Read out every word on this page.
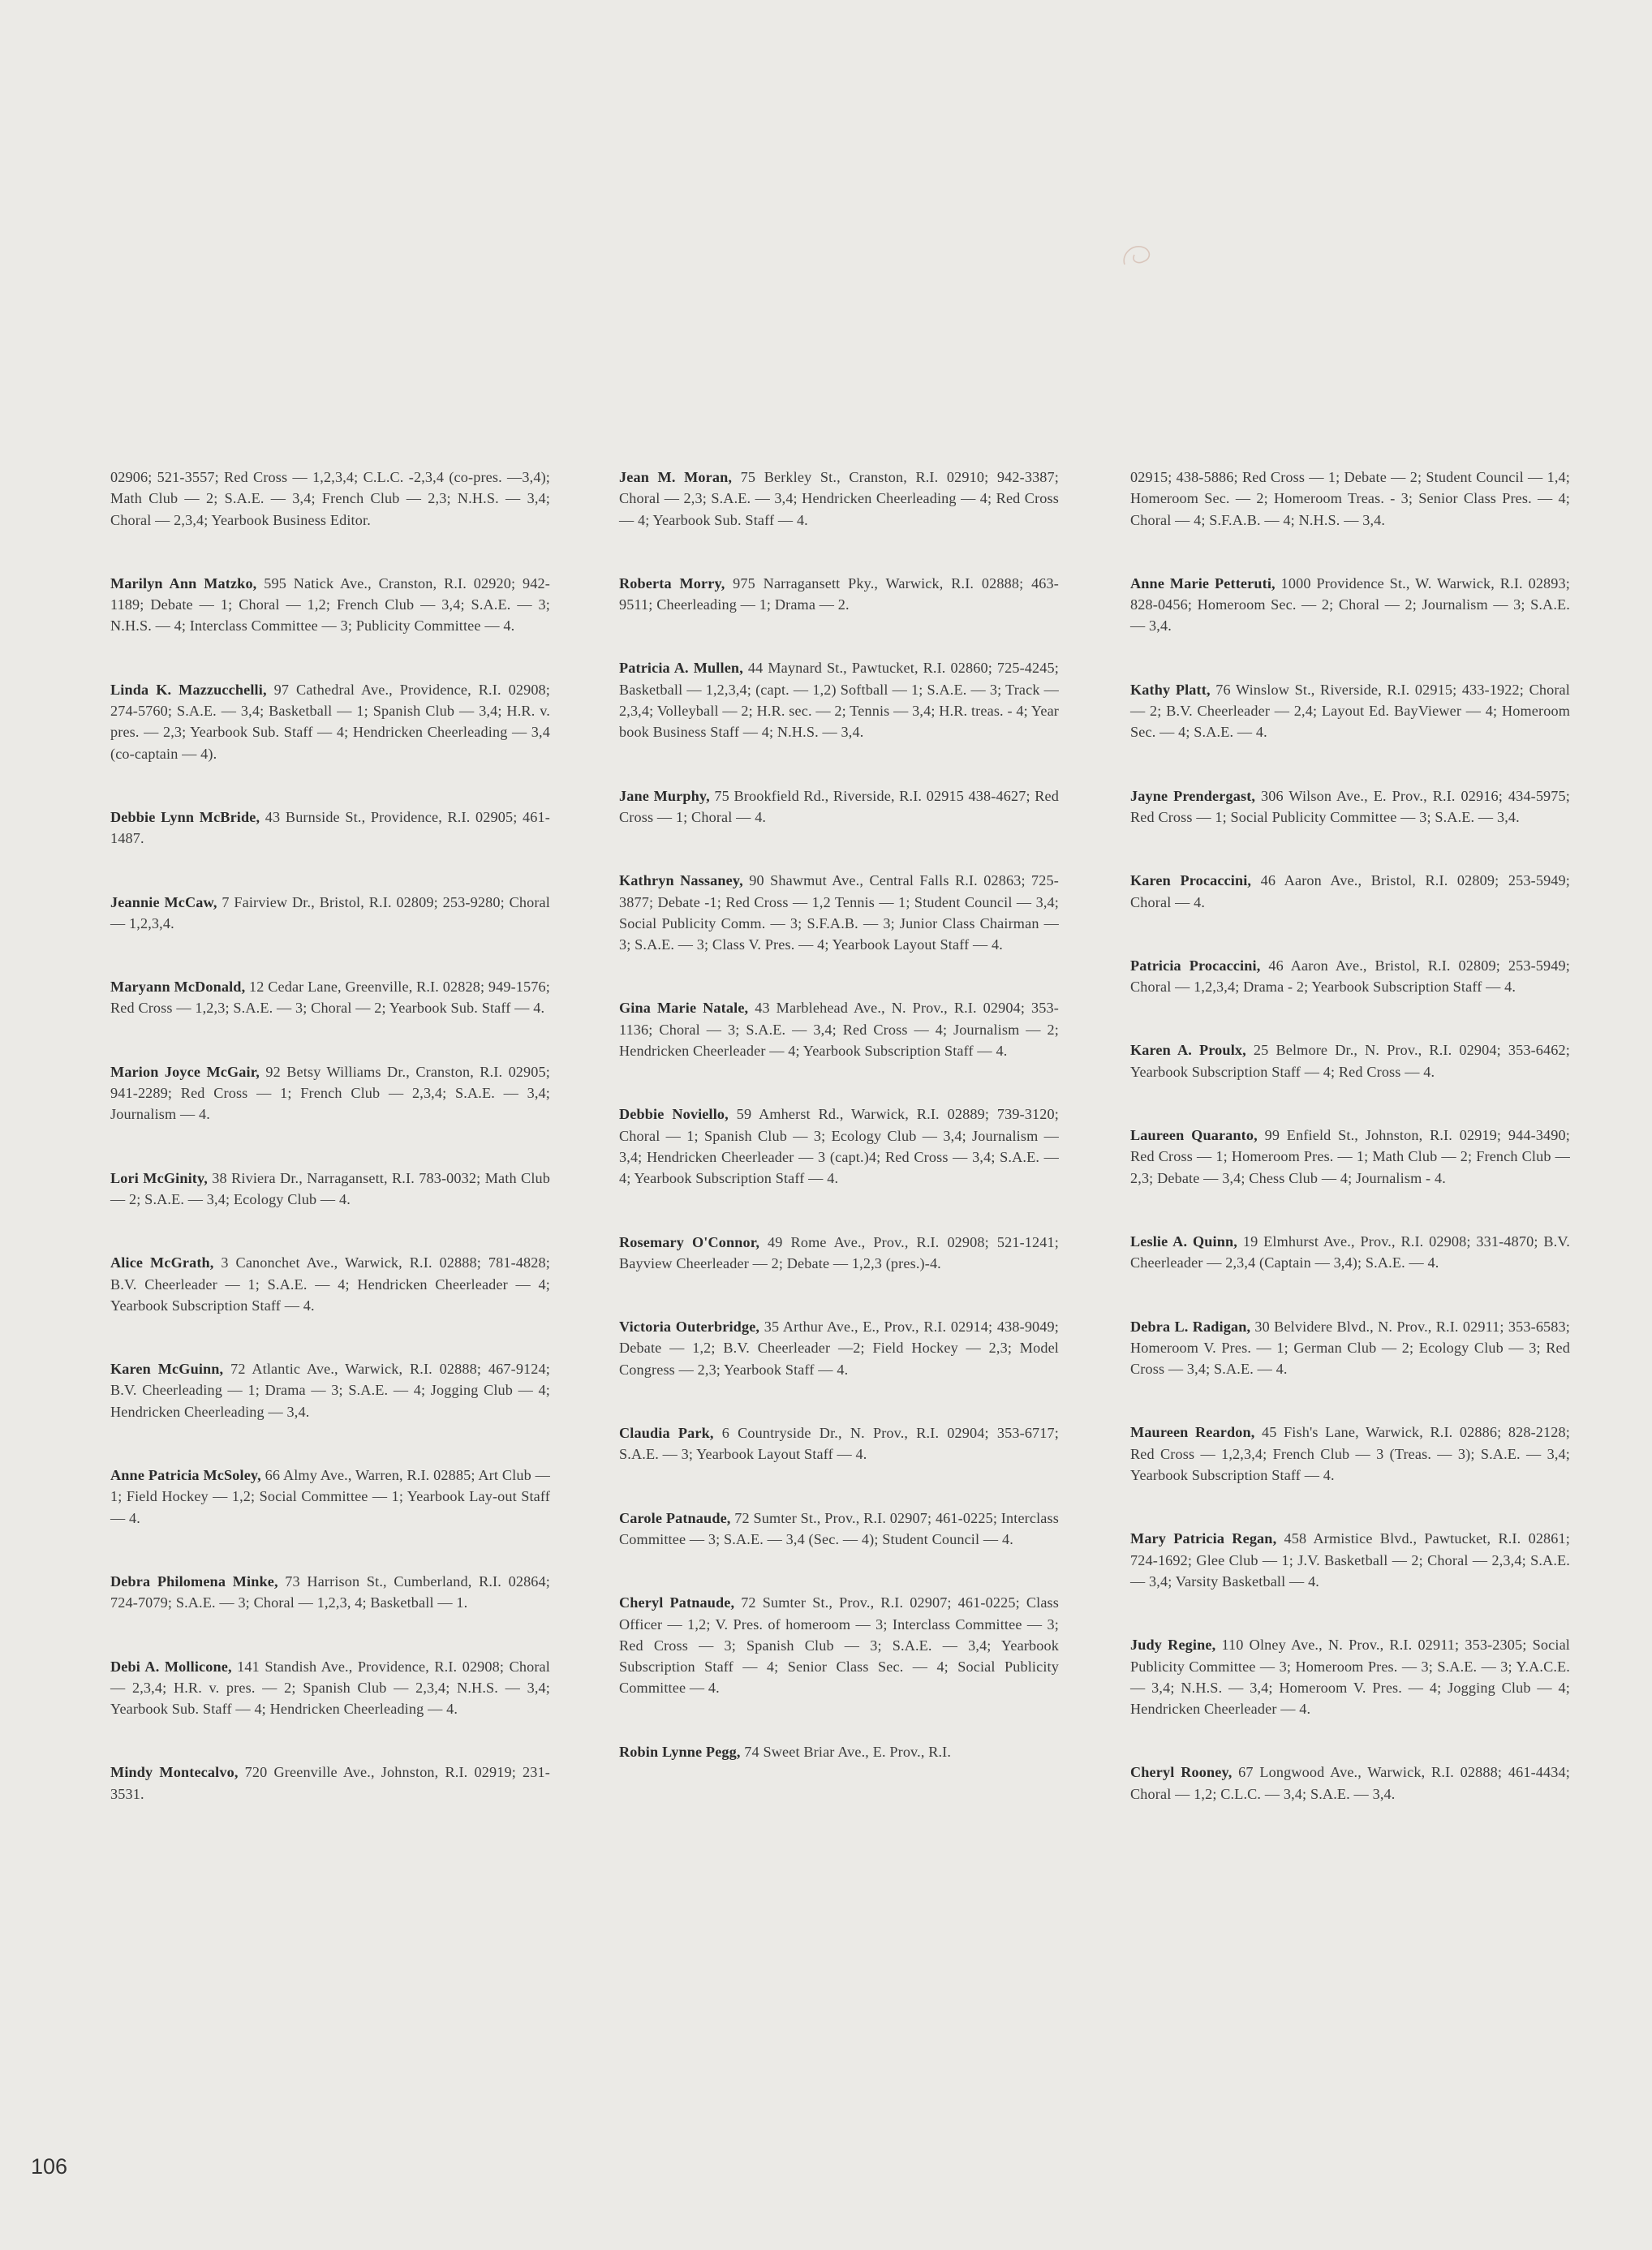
02906; 521-3557; Red Cross — 1,2,3,4; C.L.C. -2,3,4 (co-pres. —3,4); Math Club — 2; S.A.E. — 3,4; French Club — 2,3; N.H.S. — 3,4; Choral — 2,3,4; Yearbook Business Editor.

Marilyn Ann Matzko, 595 Natick Ave., Cranston, R.I. 02920; 942-1189; Debate — 1; Choral — 1,2; French Club — 3,4; S.A.E. — 3; N.H.S. — 4; Interclass Committee — 3; Publicity Committee — 4.

Linda K. Mazzucchelli, 97 Cathedral Ave., Providence, R.I. 02908; 274-5760; S.A.E. — 3,4; Basketball — 1; Spanish Club — 3,4; H.R. v. pres. — 2,3; Yearbook Sub. Staff — 4; Hendricken Cheerleading — 3,4 (co-captain — 4).

Debbie Lynn McBride, 43 Burnside St., Providence, R.I. 02905; 461-1487.

Jeannie McCaw, 7 Fairview Dr., Bristol, R.I. 02809; 253-9280; Choral — 1,2,3,4.

Maryann McDonald, 12 Cedar Lane, Greenville, R.I. 02828; 949-1576; Red Cross — 1,2,3; S.A.E. — 3; Choral — 2; Yearbook Sub. Staff — 4.

Marion Joyce McGair, 92 Betsy Williams Dr., Cranston, R.I. 02905; 941-2289; Red Cross — 1; French Club — 2,3,4; S.A.E. — 3,4; Journalism — 4.

Lori McGinity, 38 Riviera Dr., Narragansett, R.I. 783-0032; Math Club — 2; S.A.E. — 3,4; Ecology Club — 4.

Alice McGrath, 3 Canonchet Ave., Warwick, R.I. 02888; 781-4828; B.V. Cheerleader — 1; S.A.E. — 4; Hendricken Cheerleader — 4; Yearbook Subscription Staff — 4.

Karen McGuinn, 72 Atlantic Ave., Warwick, R.I. 02888; 467-9124; B.V. Cheerleading — 1; Drama — 3; S.A.E. — 4; Jogging Club — 4; Hendricken Cheerleading — 3,4.

Anne Patricia McSoley, 66 Almy Ave., Warren, R.I. 02885; Art Club — 1; Field Hockey — 1,2; Social Committee — 1; Yearbook Lay-out Staff — 4.

Debra Philomena Minke, 73 Harrison St., Cumberland, R.I. 02864; 724-7079; S.A.E. — 3; Choral — 1,2,3, 4; Basketball — 1.

Debi A. Mollicone, 141 Standish Ave., Providence, R.I. 02908; Choral — 2,3,4; H.R. v. pres. — 2; Spanish Club — 2,3,4; N.H.S. — 3,4; Yearbook Sub. Staff — 4; Hendricken Cheerleading — 4.

Mindy Montecalvo, 720 Greenville Ave., Johnston, R.I. 02919; 231-3531.

Jean M. Moran, 75 Berkley St., Cranston, R.I. 02910; 942-3387; Choral — 2,3; S.A.E. — 3,4; Hendricken Cheerleading — 4; Red Cross — 4; Yearbook Sub. Staff — 4.

Roberta Morry, 975 Narragansett Pky., Warwick, R.I. 02888; 463-9511; Cheerleading — 1; Drama — 2.

Patricia A. Mullen, 44 Maynard St., Pawtucket, R.I. 02860; 725-4245; Basketball — 1,2,3,4; (capt. — 1,2) Softball — 1; S.A.E. — 3; Track — 2,3,4; Volleyball — 2; H.R. sec. — 2; Tennis — 3,4; H.R. treas. - 4; Year book Business Staff — 4; N.H.S. — 3,4.

Jane Murphy, 75 Brookfield Rd., Riverside, R.I. 02915 438-4627; Red Cross — 1; Choral — 4.

Kathryn Nassaney, 90 Shawmut Ave., Central Falls R.I. 02863; 725-3877; Debate -1; Red Cross — 1,2 Tennis — 1; Student Council — 3,4; Social Publicity Comm. — 3; S.F.A.B. — 3; Junior Class Chairman — 3; S.A.E. — 3; Class V. Pres. — 4; Yearbook Layout Staff — 4.

Gina Marie Natale, 43 Marblehead Ave., N. Prov., R.I. 02904; 353-1136; Choral — 3; S.A.E. — 3,4; Red Cross — 4; Journalism — 2; Hendricken Cheerleader — 4; Yearbook Subscription Staff — 4.

Debbie Noviello, 59 Amherst Rd., Warwick, R.I. 02889; 739-3120; Choral — 1; Spanish Club — 3; Ecology Club — 3,4; Journalism — 3,4; Hendricken Cheerleader — 3 (capt.)4; Red Cross — 3,4; S.A.E. — 4; Yearbook Subscription Staff — 4.

Rosemary O'Connor, 49 Rome Ave., Prov., R.I. 02908; 521-1241; Bayview Cheerleader — 2; Debate — 1,2,3 (pres.)-4.

Victoria Outerbridge, 35 Arthur Ave., E., Prov., R.I. 02914; 438-9049; Debate — 1,2; B.V. Cheerleader —2; Field Hockey — 2,3; Model Congress — 2,3; Yearbook Staff — 4.

Claudia Park, 6 Countryside Dr., N. Prov., R.I. 02904; 353-6717; S.A.E. — 3; Yearbook Layout Staff — 4.

Carole Patnaude, 72 Sumter St., Prov., R.I. 02907; 461-0225; Interclass Committee — 3; S.A.E. — 3,4 (Sec. — 4); Student Council — 4.

Cheryl Patnaude, 72 Sumter St., Prov., R.I. 02907; 461-0225; Class Officer — 1,2; V. Pres. of homeroom — 3; Interclass Committee — 3; Red Cross — 3; Spanish Club — 3; S.A.E. — 3,4; Yearbook Subscription Staff — 4; Senior Class Sec. — 4; Social Publicity Committee — 4.

Robin Lynne Pegg, 74 Sweet Briar Ave., E. Prov., R.I.

02915; 438-5886; Red Cross — 1; Debate — 2; Student Council — 1,4; Homeroom Sec. — 2; Homeroom Treas. - 3; Senior Class Pres. — 4; Choral — 4; S.F.A.B. — 4; N.H.S. — 3,4.

Anne Marie Petteruti, 1000 Providence St., W. Warwick, R.I. 02893; 828-0456; Homeroom Sec. — 2; Choral — 2; Journalism — 3; S.A.E. — 3,4.

Kathy Platt, 76 Winslow St., Riverside, R.I. 02915; 433-1922; Choral — 2; B.V. Cheerleader — 2,4; Layout Ed. BayViewer — 4; Homeroom Sec. — 4; S.A.E. — 4.

Jayne Prendergast, 306 Wilson Ave., E. Prov., R.I. 02916; 434-5975; Red Cross — 1; Social Publicity Committee — 3; S.A.E. — 3,4.

Karen Procaccini, 46 Aaron Ave., Bristol, R.I. 02809; 253-5949; Choral — 4.

Patricia Procaccini, 46 Aaron Ave., Bristol, R.I. 02809; 253-5949; Choral — 1,2,3,4; Drama - 2; Yearbook Subscription Staff — 4.

Karen A. Proulx, 25 Belmore Dr., N. Prov., R.I. 02904; 353-6462; Yearbook Subscription Staff — 4; Red Cross — 4.

Laureen Quaranto, 99 Enfield St., Johnston, R.I. 02919; 944-3490; Red Cross — 1; Homeroom Pres. — 1; Math Club — 2; French Club — 2,3; Debate — 3,4; Chess Club — 4; Journalism - 4.

Leslie A. Quinn, 19 Elmhurst Ave., Prov., R.I. 02908; 331-4870; B.V. Cheerleader — 2,3,4 (Captain — 3,4); S.A.E. — 4.

Debra L. Radigan, 30 Belvidere Blvd., N. Prov., R.I. 02911; 353-6583; Homeroom V. Pres. — 1; German Club — 2; Ecology Club — 3; Red Cross — 3,4; S.A.E. — 4.

Maureen Reardon, 45 Fish's Lane, Warwick, R.I. 02886; 828-2128; Red Cross — 1,2,3,4; French Club — 3 (Treas. — 3); S.A.E. — 3,4; Yearbook Subscription Staff — 4.

Mary Patricia Regan, 458 Armistice Blvd., Pawtucket, R.I. 02861; 724-1692; Glee Club — 1; J.V. Basketball — 2; Choral — 2,3,4; S.A.E. — 3,4; Varsity Basketball — 4.

Judy Regine, 110 Olney Ave., N. Prov., R.I. 02911; 353-2305; Social Publicity Committee — 3; Homeroom Pres. — 3; S.A.E. — 3; Y.A.C.E. — 3,4; N.H.S. — 3,4; Homeroom V. Pres. — 4; Jogging Club — 4; Hendricken Cheerleader — 4.

Cheryl Rooney, 67 Longwood Ave., Warwick, R.I. 02888; 461-4434; Choral — 1,2; C.L.C. — 3,4; S.A.E. — 3,4.

106
